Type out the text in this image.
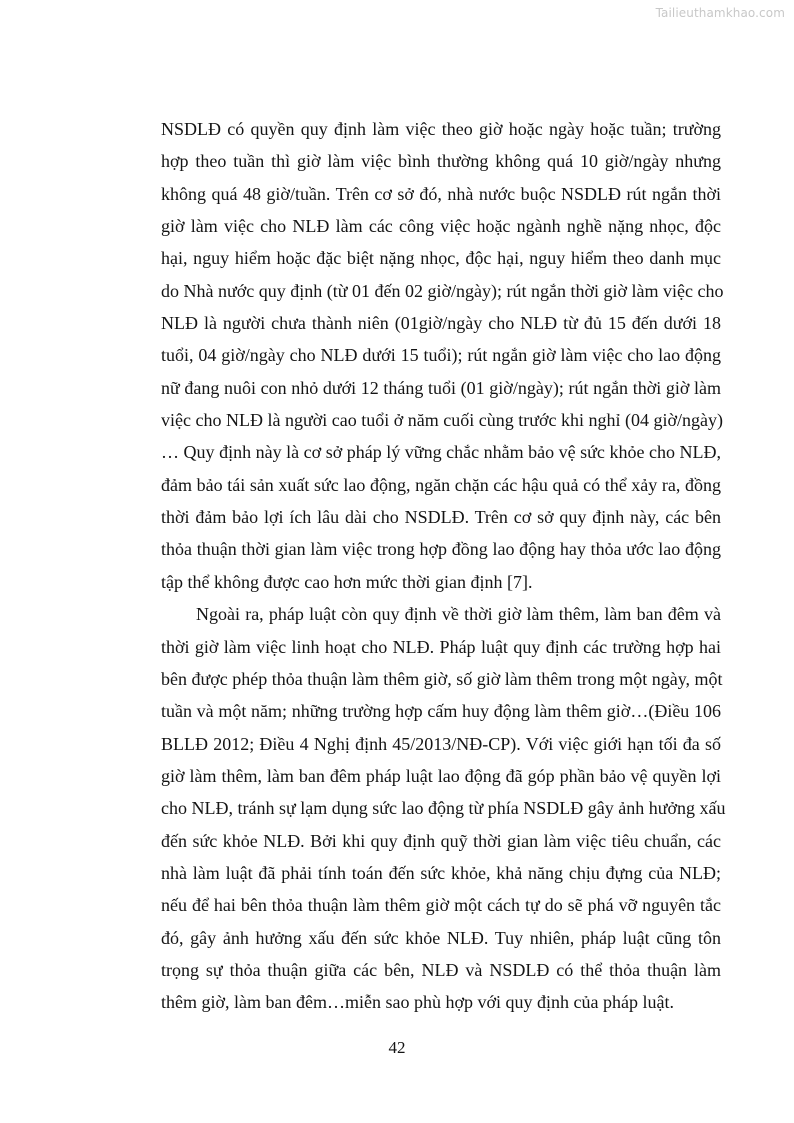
Tailieuthamkhao.com
NSDLĐ có quyền quy định làm việc theo giờ hoặc ngày hoặc tuần; trường
hợp theo tuần thì giờ làm việc bình thường không quá 10 giờ/ngày nhưng
không quá 48 giờ/tuần. Trên cơ sở đó, nhà nước buộc NSDLĐ rút ngắn thời
giờ làm việc cho NLĐ làm các công việc hoặc ngành nghề nặng nhọc, độc
hại, nguy hiểm hoặc đặc biệt nặng nhọc, độc hại, nguy hiểm theo danh mục
do Nhà nước quy định (từ 01 đến 02 giờ/ngày); rút ngắn thời giờ làm việc cho
NLĐ là người chưa thành niên (01giờ/ngày cho NLĐ từ đủ 15 đến dưới 18
tuổi, 04 giờ/ngày cho NLĐ dưới 15 tuổi); rút ngắn giờ làm việc cho lao động
nữ đang nuôi con nhỏ dưới 12 tháng tuổi (01 giờ/ngày); rút ngắn thời giờ làm
việc cho NLĐ là người cao tuổi ở năm cuối cùng trước khi nghỉ (04 giờ/ngày)
… Quy định này là cơ sở pháp lý vững chắc nhằm bảo vệ sức khỏe cho NLĐ,
đảm bảo tái sản xuất sức lao động, ngăn chặn các hậu quả có thể xảy ra, đồng
thời đảm bảo lợi ích lâu dài cho NSDLĐ. Trên cơ sở quy định này, các bên
thỏa thuận thời gian làm việc trong hợp đồng lao động hay thỏa ước lao động
tập thể không được cao hơn mức thời gian định [7].
Ngoài ra, pháp luật còn quy định về thời giờ làm thêm, làm ban đêm và
thời giờ làm việc linh hoạt cho NLĐ. Pháp luật quy định các trường hợp hai
bên được phép thỏa thuận làm thêm giờ, số giờ làm thêm trong một ngày, một
tuần và một năm; những trường hợp cấm huy động làm thêm giờ…(Điều 106
BLLĐ 2012; Điều 4 Nghị định 45/2013/NĐ-CP). Với việc giới hạn tối đa số
giờ làm thêm, làm ban đêm pháp luật lao động đã góp phần bảo vệ quyền lợi
cho NLĐ, tránh sự lạm dụng sức lao động từ phía NSDLĐ gây ảnh hưởng xấu
đến sức khỏe NLĐ. Bởi khi quy định quỹ thời gian làm việc tiêu chuẩn, các
nhà làm luật đã phải tính toán đến sức khỏe, khả năng chịu đựng của NLĐ;
nếu để hai bên thỏa thuận làm thêm giờ một cách tự do sẽ phá vỡ nguyên tắc
đó, gây ảnh hưởng xấu đến sức khỏe NLĐ. Tuy nhiên, pháp luật cũng tôn
trọng sự thỏa thuận giữa các bên, NLĐ và NSDLĐ có thể thỏa thuận làm
thêm giờ, làm ban đêm…miễn sao phù hợp với quy định của pháp luật.
42
